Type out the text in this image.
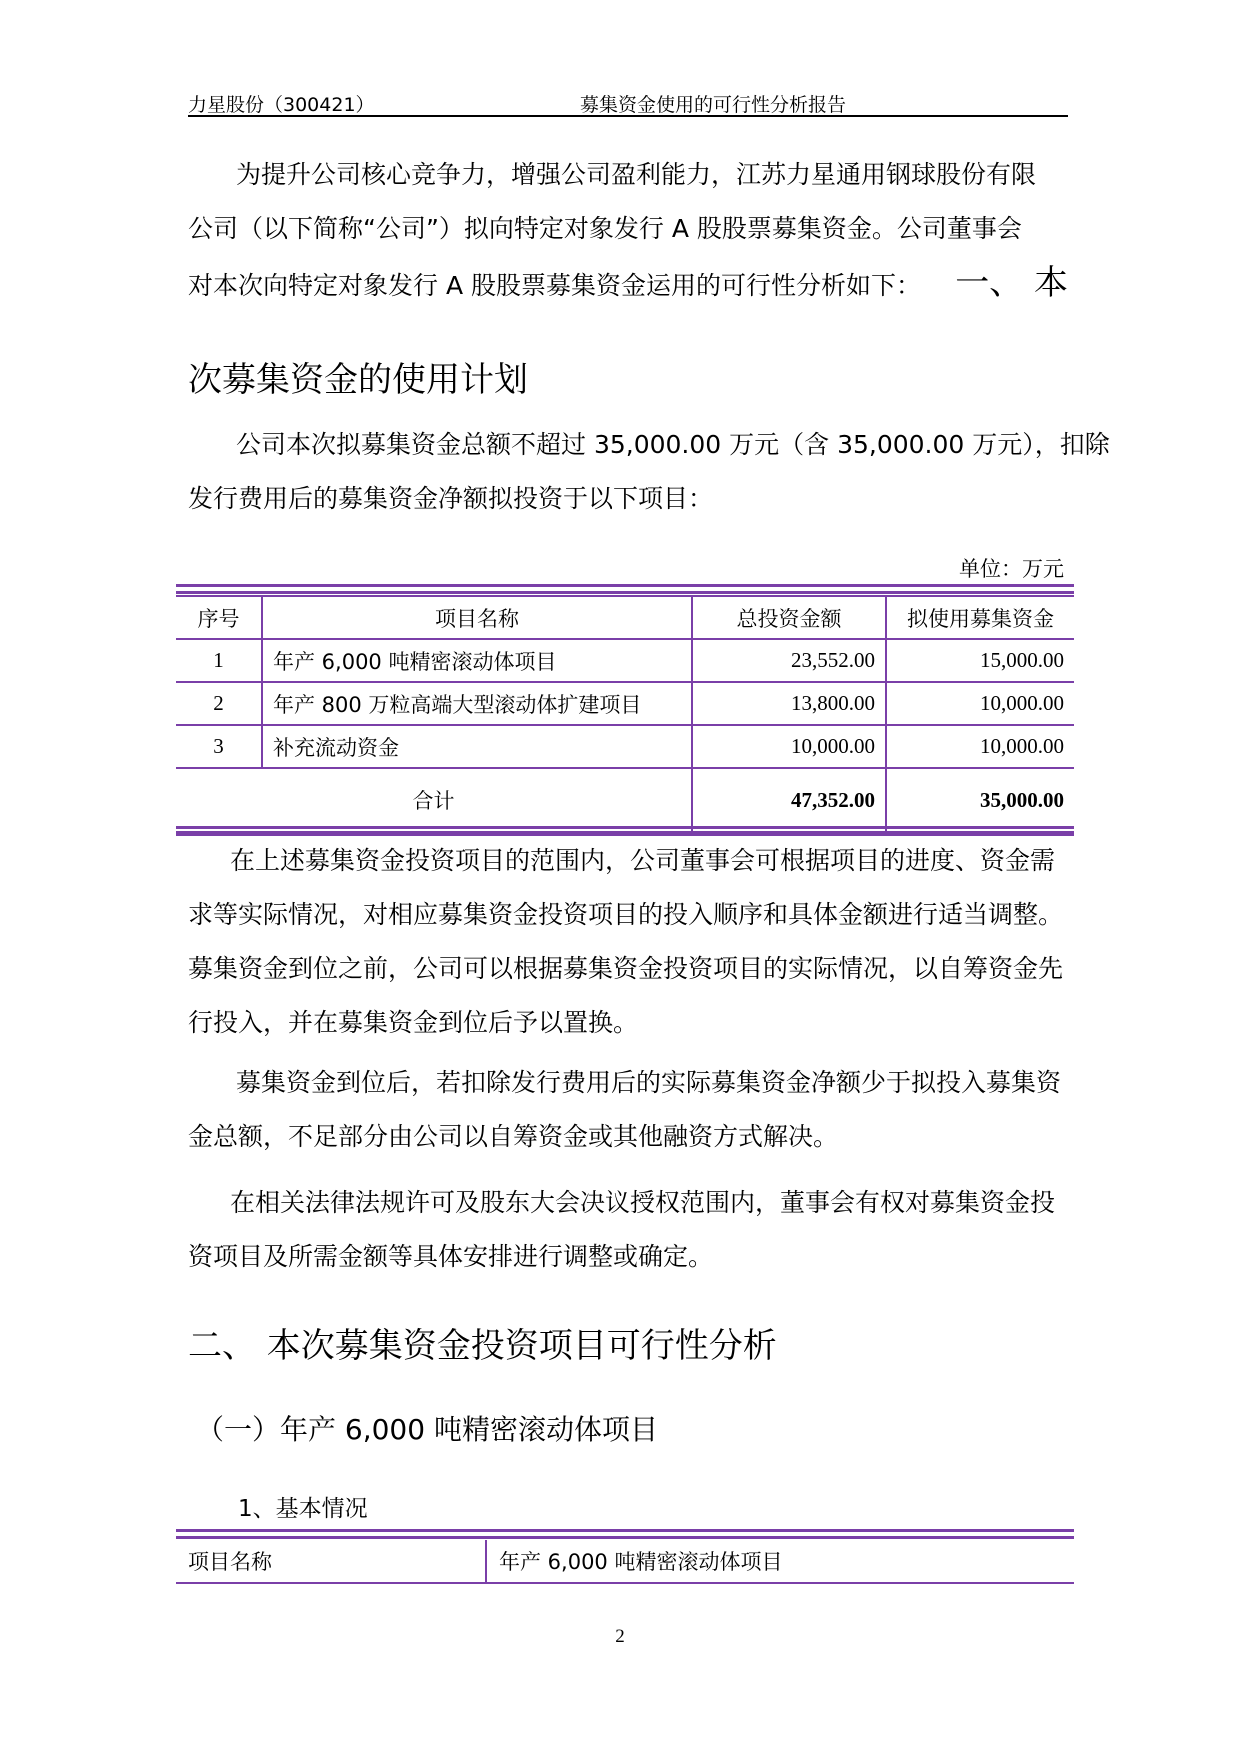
力星股份（300421）	募集资金使用的可行性分析报告
为提升公司核心竞争力，增强公司盈利能力，江苏力星通用钢球股份有限
公司（以下简称“公司”）拟向特定对象发行 A 股股票募集资金。公司董事会
对本次向特定对象发行 A 股股票募集资金运用的可行性分析如下： 一、 本
次募集资金的使用计划
公司本次拟募集资金总额不超过 35,000.00 万元（含 35,000.00 万元），扣除
发行费用后的募集资金净额拟投资于以下项目：
单位：万元
序号	项目名称	总投资金额	拟使用募集资金
1	年产 6,000 吨精密滚动体项目	23,552.00	15,000.00
2	年产 800 万粒高端大型滚动体扩建项目	13,800.00	10,000.00
3	补充流动资金	10,000.00	10,000.00
合计		47,352.00	35,000.00
在上述募集资金投资项目的范围内，公司董事会可根据项目的进度、资金需
求等实际情况，对相应募集资金投资项目的投入顺序和具体金额进行适当调整。
募集资金到位之前，公司可以根据募集资金投资项目的实际情况，以自筹资金先
行投入，并在募集资金到位后予以置换。
募集资金到位后，若扣除发行费用后的实际募集资金净额少于拟投入募集资
金总额，不足部分由公司以自筹资金或其他融资方式解决。
在相关法律法规许可及股东大会决议授权范围内，董事会有权对募集资金投
资项目及所需金额等具体安排进行调整或确定。
二、 本次募集资金投资项目可行性分析
（一）年产 6,000 吨精密滚动体项目
1、基本情况
项目名称	年产 6,000 吨精密滚动体项目
2
